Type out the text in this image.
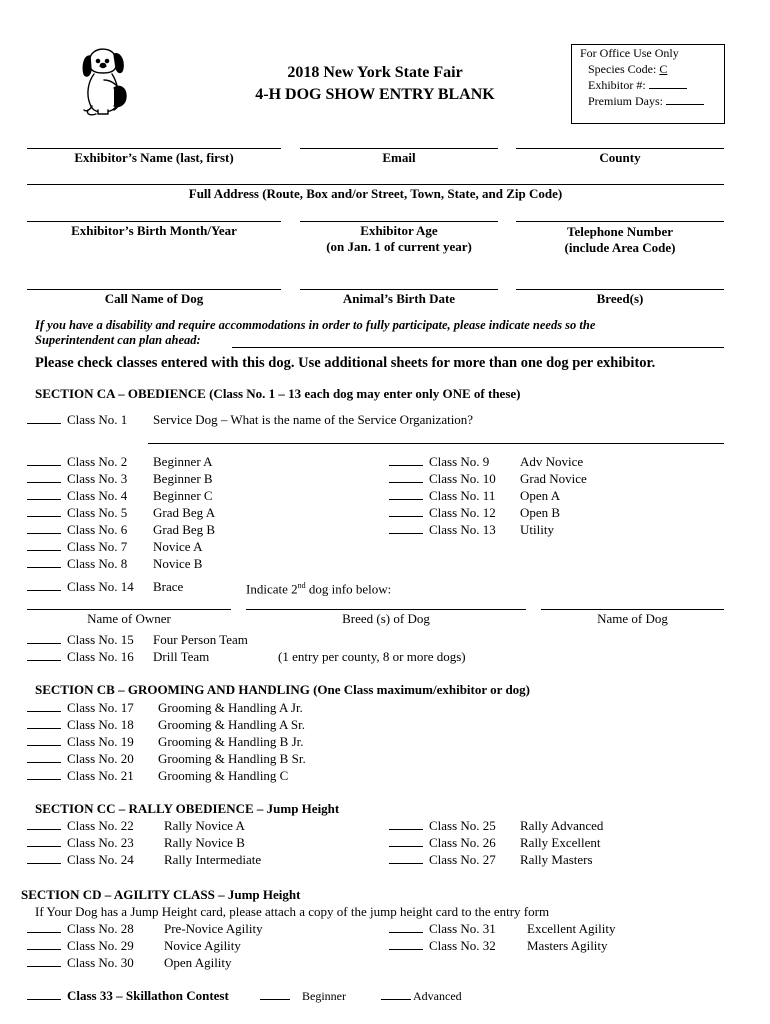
2018 New York State Fair
4-H DOG SHOW ENTRY BLANK
For Office Use Only
Species Code: C
Exhibitor #:
Premium Days:
Exhibitor’s Name (last, first)	Email	County
Full Address (Route, Box and/or Street, Town, State, and Zip Code)
Exhibitor’s Birth Month/Year	Exhibitor Age
(on Jan. 1 of current year)
Telephone Number
(include Area Code)
Call Name of Dog	Animal’s Birth Date	Breed(s)
If you have a disability and require accommodations in order to fully participate, please indicate needs so the
Superintendent can plan ahead:
Please check classes entered with this dog. Use additional sheets for more than one dog per exhibitor.
SECTION CA – OBEDIENCE (Class No. 1 – 13 each dog may enter only ONE of these)
Class No. 1 Service Dog – What is the name of the Service Organization?
Class No. 2 Beginner A
Class No. 3 Beginner B
Class No. 4 Beginner C
Class No. 5 Grad Beg A
Class No. 6 Grad Beg B
Class No. 7 Novice A
Class No. 8 Novice B
Class No. 9 Adv Novice
Class No. 10 Grad Novice
Class No. 11 Open A
Class No. 12 Open B
Class No. 13 Utility
Class No. 14 Brace	Indicate 2nd dog info below:
Name of Owner	Breed (s) of Dog	Name of Dog
Class No. 15 Four Person Team
Class No. 16 Drill Team	(1 entry per county, 8 or more dogs)
SECTION CB – GROOMING AND HANDLING (One Class maximum/exhibitor or dog)
Class No. 17 Grooming & Handling A Jr.
Class No. 18 Grooming & Handling A Sr.
Class No. 19 Grooming & Handling B Jr.
Class No. 20 Grooming & Handling B Sr.
Class No. 21 Grooming & Handling C
SECTION CC – RALLY OBEDIENCE – Jump Height
Class No. 22 Rally Novice A
Class No. 23 Rally Novice B
Class No. 24 Rally Intermediate
Class No. 25 Rally Advanced
Class No. 26 Rally Excellent
Class No. 27 Rally Masters
SECTION CD – AGILITY CLASS – Jump Height
If Your Dog has a Jump Height card, please attach a copy of the jump height card to the entry form
Class No. 28 Pre-Novice Agility
Class No. 29 Novice Agility
Class No. 30 Open Agility
Class No. 31 Excellent Agility
Class No. 32 Masters Agility
Class 33 – Skillathon Contest	Beginner	Advanced
